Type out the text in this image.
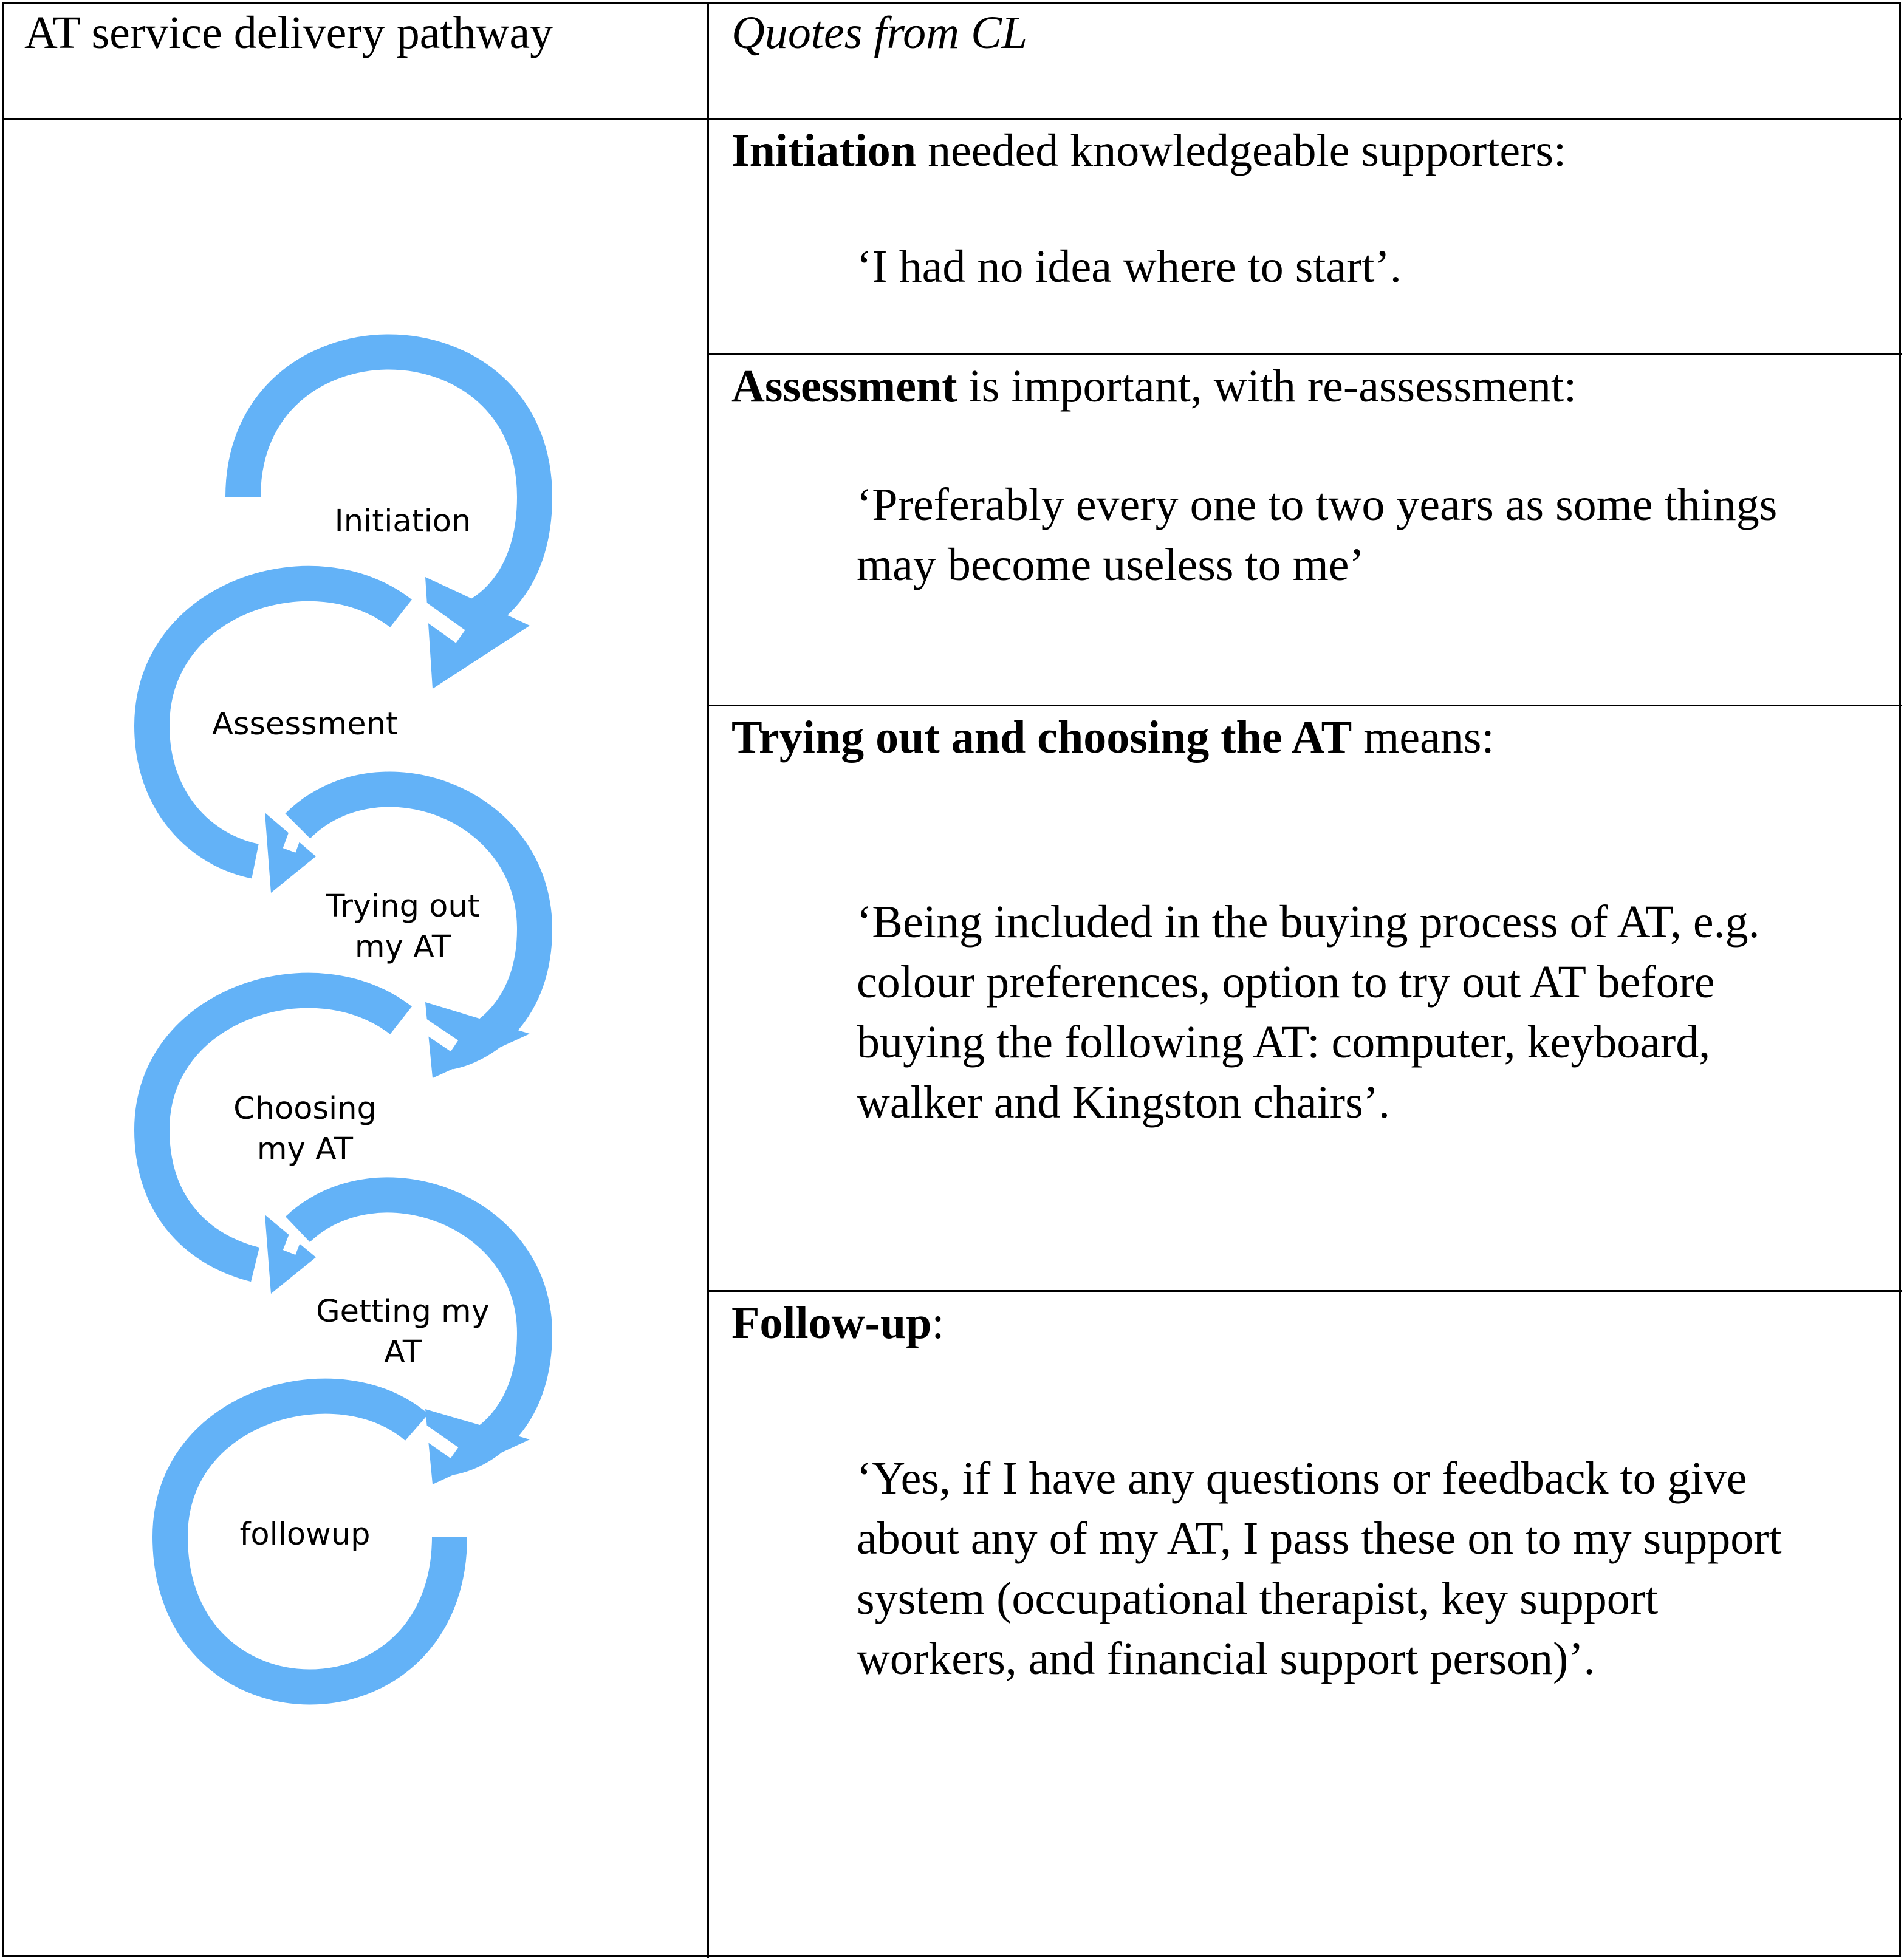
AT service delivery pathway	Quotes from CL
Initiation needed knowledgeable supporters:
‘I had no idea where to start’.
Assessment is important, with re-assessment:
‘Preferably every one to two years as some things
may become useless to me’
Trying out and choosing the AT means:
‘Being included in the buying process of AT, e.g.
colour preferences, option to try out AT before
buying the following AT: computer, keyboard,
walker and Kingston chairs’.
Follow-up:
‘Yes, if I have any questions or feedback to give
about any of my AT, I pass these on to my support
system (occupational therapist, key support
workers, and financial support person)’.
Initiation
Assessment
Trying out
my AT
Choosing
my AT
Getting my
AT
followup
